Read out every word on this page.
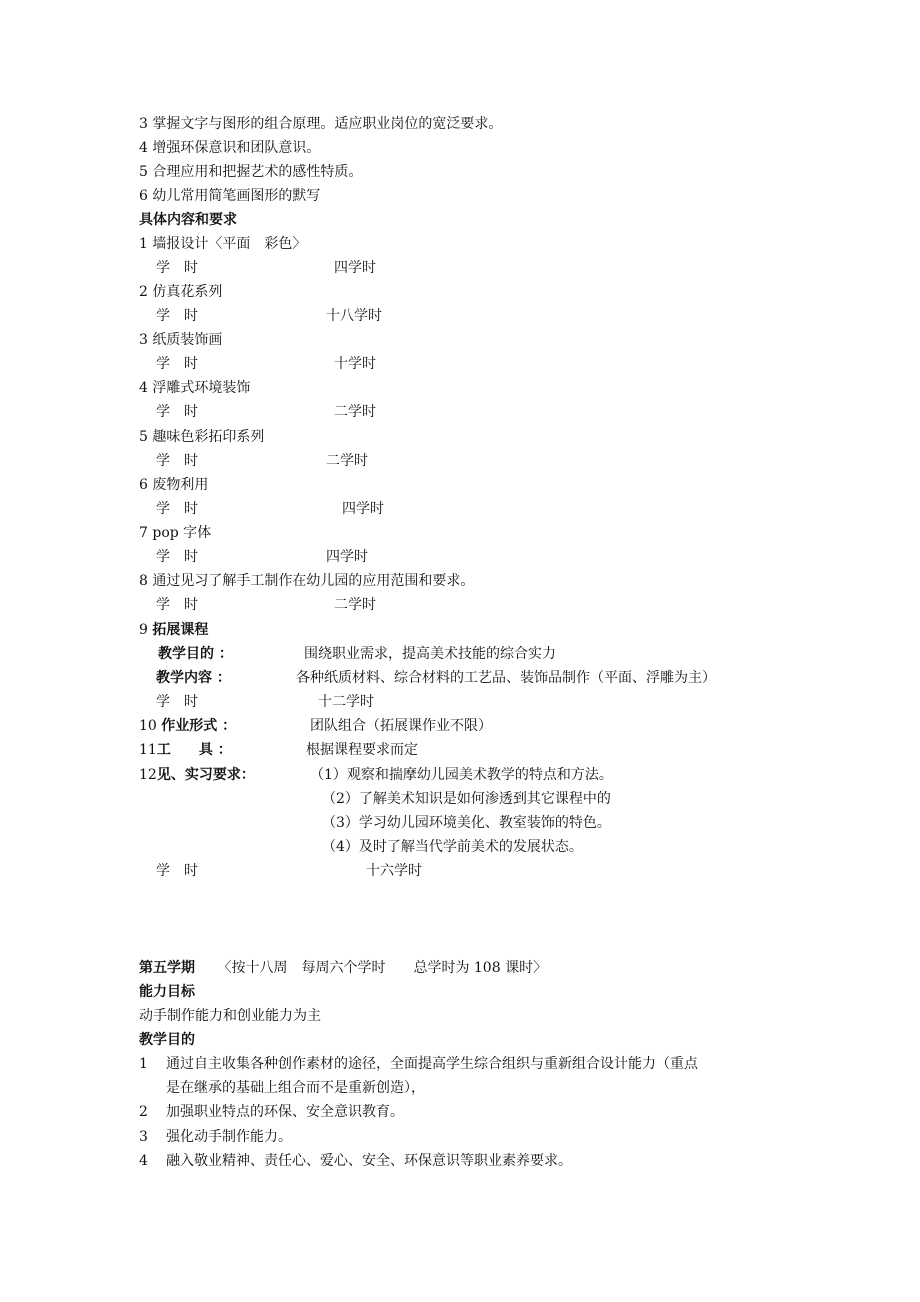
3 掌握文字与图形的组合原理。适应职业岗位的宽泛要求。
4 增强环保意识和团队意识。
5 合理应用和把握艺术的感性特质。
6 幼儿常用简笔画图形的默写
具体内容和要求
1 墙报设计〈平面　彩色〉
学　时	四学时
2 仿真花系列
学　时	十八学时
3 纸质装饰画
学　时	十学时
4 浮雕式环境装饰
学　时	二学时
5 趣味色彩拓印系列
学　时	二学时
6 废物利用
学　时	四学时
7 pop 字体
学　时	四学时
8 通过见习了解手工制作在幼儿园的应用范围和要求。
学　时	二学时
9 拓展课程
教学目的 ：	围绕职业需求，提高美术技能的综合实力
教学内容 ：	各种纸质材料、综合材料的工艺品、装饰品制作（平面、浮雕为主）
学　时	十二学时
10 作业形式 ：	团队组合（拓展课作业不限）
11工　　具 ：	根据课程要求而定
12见、实习要求：	（1）观察和揣摩幼儿园美术教学的特点和方法。
（2）了解美术知识是如何渗透到其它课程中的
（3）学习幼儿园环境美化、教室装饰的特色。
（4）及时了解当代学前美术的发展状态。
学　时	十六学时
第五学期 〈按十八周　每周六个学时　　总学时为 108 课时〉
能力目标
动手制作能力和创业能力为主
教学目的
1 通过自主收集各种创作素材的途径，全面提高学生综合组织与重新组合设计能力（重点
是在继承的基础上组合而不是重新创造），
2 加强职业特点的环保、安全意识教育。
3 强化动手制作能力。
4 融入敬业精神、责任心、爱心、安全、环保意识等职业素养要求。
